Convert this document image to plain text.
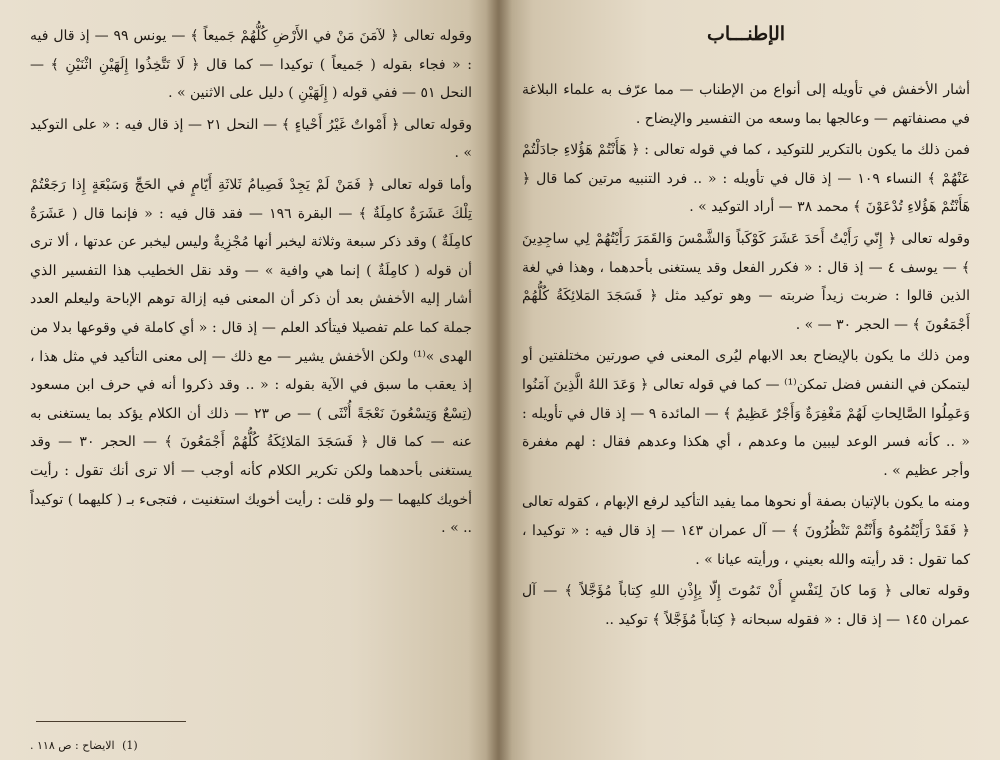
وقوله تعالى ﴿ لآمَنَ مَنْ في الأَرْضِ كُلُّهُمْ جَميعاً ﴾ — يونس ٩٩ — إذ قال فيه : « فجاء بقوله ( جَميعاً ) توكيدا — كما قال ﴿ لَا تَتَّخِذُوا إِلَهَيْنِ اثْنَيْنِ ﴾ — النحل ٥١ — ففي قوله ( إِلَهَيْنِ ) دليل على الاثنين » .

وقوله تعالى ﴿ أَمْواتٌ غَيْرُ أَحْياءٍ ﴾ — النحل ٢١ — إذ قال فيه : « على التوكيد » .

وأما قوله تعالى ﴿ فَمَنْ لَمْ يَجِدْ فَصِيامُ ثَلاثَةِ أَيّامٍ في الحَجِّ وَسَبْعَةٍ إِذا رَجَعْتُمْ تِلْكَ عَشَرَةٌ كامِلَةٌ ﴾ — البقرة ١٩٦ — فقد قال فيه : « فإنما قال ( عَشَرَةٌ كامِلَةٌ ) وقد ذكر سبعة وثلاثة ليخبر أنها مُجْزِيةٌ وليس ليخبر عن عدتها ، ألا ترى أن قوله ( كامِلَةٌ ) إنما هي وافية » — وقد نقل الخطيب هذا التفسير الذي أشار إليه الأخفش بعد أن ذكر أن المعنى فيه إزالة توهم الإباحة وليعلم العدد جملة كما علم تفصيلا فيتأكد العلم — إذ قال : « أي كاملة في وقوعها بدلا من الهدى »⁽¹⁾ ولكن الأخفش يشير — مع ذلك — إلى معنى التأكيد في مثل هذا ، إذ يعقب ما سبق في الآية بقوله : « .. وقد ذكروا أنه في حرف ابن مسعود (تِسْعٌ وَتِسْعُونَ نَعْجَةً أُنْثَى ) — ص ٢٣ — ذلك أن الكلام يؤكد بما يستغنى به عنه — كما قال ﴿ فَسَجَدَ المَلائِكَةُ كُلُّهُمْ أَجْمَعُونَ ﴾ — الحجر ٣٠ — وقد يستغنى بأحدهما ولكن تكرير الكلام كأنه أوجب — ألا ترى أنك تقول : رأيت أخويك كليهما — ولو قلت : رأيت أخويك استغنيت ، فتجىء بـ ( كليهما ) توكيداً .. » .

(1) الايضاح : ص ١١٨ .
الإطنـــاب

أشار الأخفش في تأويله إلى أنواع من الإطناب — مما عرّف به علماء البلاغة في مصنفاتهم — وعالجها بما وسعه من التفسير والإيضاح .

فمن ذلك ما يكون بالتكرير للتوكيد ، كما في قوله تعالى : ﴿ هَأَنْتُمْ هَؤُلاءِ جادَلْتُمْ عَنْهُمْ ﴾ النساء ١٠٩ — إذ قال في تأويله : « .. فرد التنبيه مرتين كما قال ﴿ هَأَنْتُمْ هَؤُلاءِ تُدْعَوْنَ ﴾ محمد ٣٨ — أراد التوكيد » .

وقوله تعالى ﴿ إِنّي رَأَيْتُ أَحَدَ عَشَرَ كَوْكَباً وَالشَّمْسَ وَالقَمَرَ رَأَيْتُهُمْ لِي ساجِدِينَ ﴾ — يوسف ٤ — إذ قال : « فكرر الفعل وقد يستغنى بأحدهما ، وهذا في لغة الذين قالوا : ضربت زيداً ضربته — وهو توكيد مثل ﴿ فَسَجَدَ المَلائِكَةُ كُلُّهُمْ أَجْمَعُونَ ﴾ — الحجر ٣٠ — » .

ومن ذلك ما يكون بالإيضاح بعد الابهام ليُرى المعنى في صورتين مختلفتين أو ليتمكن في النفس فضل تمكن⁽¹⁾ — كما في قوله تعالى ﴿ وَعَدَ اللهُ الَّذِينَ آمَنُوا وَعَمِلُوا الصَّالِحاتِ لَهُمْ مَغْفِرَةٌ وَأَجْرٌ عَظِيمٌ ﴾ — المائدة ٩ — إذ قال في تأويله : « .. كأنه فسر الوعد ليبين ما وعدهم ، أي هكذا وعدهم فقال : لهم مغفرة وأجر عظيم » .

ومنه ما يكون بالإتيان بصفة أو نحوها مما يفيد التأكيد لرفع الإبهام ، كقوله تعالى ﴿ فَقَدْ رَأَيْتُمُوهُ وَأَنْتُمْ تَنْظُرُونَ ﴾ — آل عمران ١٤٣ — إذ قال فيه : « توكيدا ، كما تقول : قد رأيته والله بعيني ، ورأيته عيانا » .

وقوله تعالى ﴿ وَما كانَ لِنَفْسٍ أَنْ تَمُوتَ إِلّا بِإِذْنِ اللهِ كِتاباً مُؤَجَّلاً ﴾ — آل عمران ١٤٥ — إذ قال : « فقوله سبحانه ﴿ كِتاباً مُؤَجَّلاً ﴾ توكيد ..
